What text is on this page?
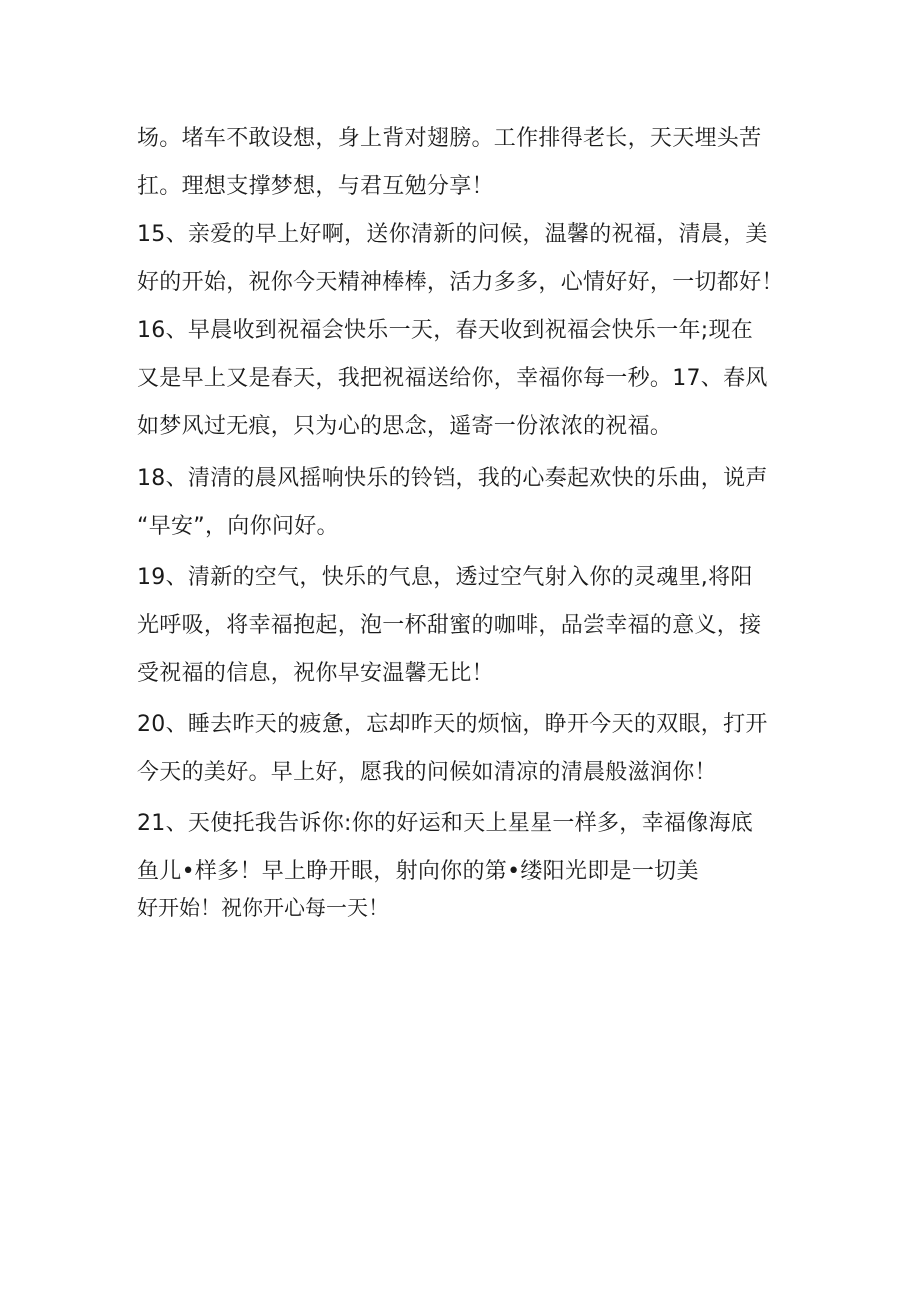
场。堵车不敢设想，身上背对翅膀。工作排得老长，天天埋头苦
扛。理想支撑梦想，与君互勉分享！
15、亲爱的早上好啊，送你清新的问候，温馨的祝福，清晨，美
好的开始，祝你今天精神棒棒，活力多多，心情好好，一切都好！
16、早晨收到祝福会快乐一天，春天收到祝福会快乐一年;现在
又是早上又是春天，我把祝福送给你，幸福你每一秒。17、春风
如梦风过无痕，只为心的思念，遥寄一份浓浓的祝福。
18、清清的晨风摇响快乐的铃铛，我的心奏起欢快的乐曲，说声
“早安”，向你问好。
19、清新的空气，快乐的气息，透过空气射入你的灵魂里,将阳
光呼吸，将幸福抱起，泡一杯甜蜜的咖啡，品尝幸福的意义，接
受祝福的信息，祝你早安温馨无比！
20、睡去昨天的疲惫，忘却昨天的烦恼，睁开今天的双眼，打开
今天的美好。早上好，愿我的问候如清凉的清晨般滋润你！
21、天使托我告诉你:你的好运和天上星星一样多，幸福像海底
鱼儿•样多！早上睁开眼，射向你的第•缕阳光即是一切美
好开始！祝你开心每一天！
